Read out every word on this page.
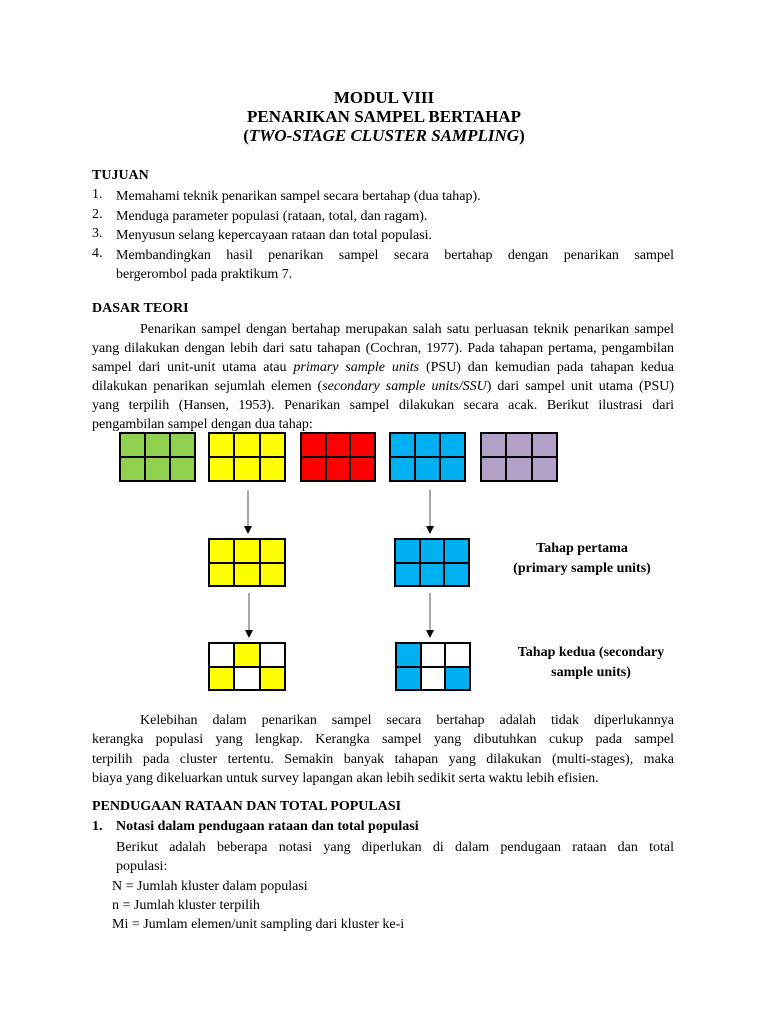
MODUL VIII
PENARIKAN SAMPEL BERTAHAP
(TWO-STAGE CLUSTER SAMPLING)
TUJUAN
1. Memahami teknik penarikan sampel secara bertahap (dua tahap).
2. Menduga parameter populasi (rataan, total, dan ragam).
3. Menyusun selang kepercayaan rataan dan total populasi.
4. Membandingkan hasil penarikan sampel secara bertahap dengan penarikan sampel
bergerombol pada praktikum 7.
DASAR TEORI
Penarikan sampel dengan bertahap merupakan salah satu perluasan teknik penarikan sampel
yang dilakukan dengan lebih dari satu tahapan (Cochran, 1977). Pada tahapan pertama, pengambilan
sampel dari unit-unit utama atau primary sample units (PSU) dan kemudian pada tahapan kedua
dilakukan penarikan sejumlah elemen (secondary sample units/SSU) dari sampel unit utama (PSU)
yang terpilih (Hansen, 1953). Penarikan sampel dilakukan secara acak. Berikut ilustrasi dari
pengambilan sampel dengan dua tahap:
Tahap pertama
(primary sample units)
Tahap kedua (secondary
sample units)
Kelebihan dalam penarikan sampel secara bertahap adalah tidak diperlukannya
kerangka populasi yang lengkap. Kerangka sampel yang dibutuhkan cukup pada sampel
terpilih pada cluster tertentu. Semakin banyak tahapan yang dilakukan (multi-stages), maka
biaya yang dikeluarkan untuk survey lapangan akan lebih sedikit serta waktu lebih efisien.
PENDUGAAN RATAAN DAN TOTAL POPULASI
1. Notasi dalam pendugaan rataan dan total populasi
Berikut adalah beberapa notasi yang diperlukan di dalam pendugaan rataan dan total
populasi:
N = Jumlah kluster dalam populasi
n = Jumlah kluster terpilih
Mi = Jumlam elemen/unit sampling dari kluster ke-i
